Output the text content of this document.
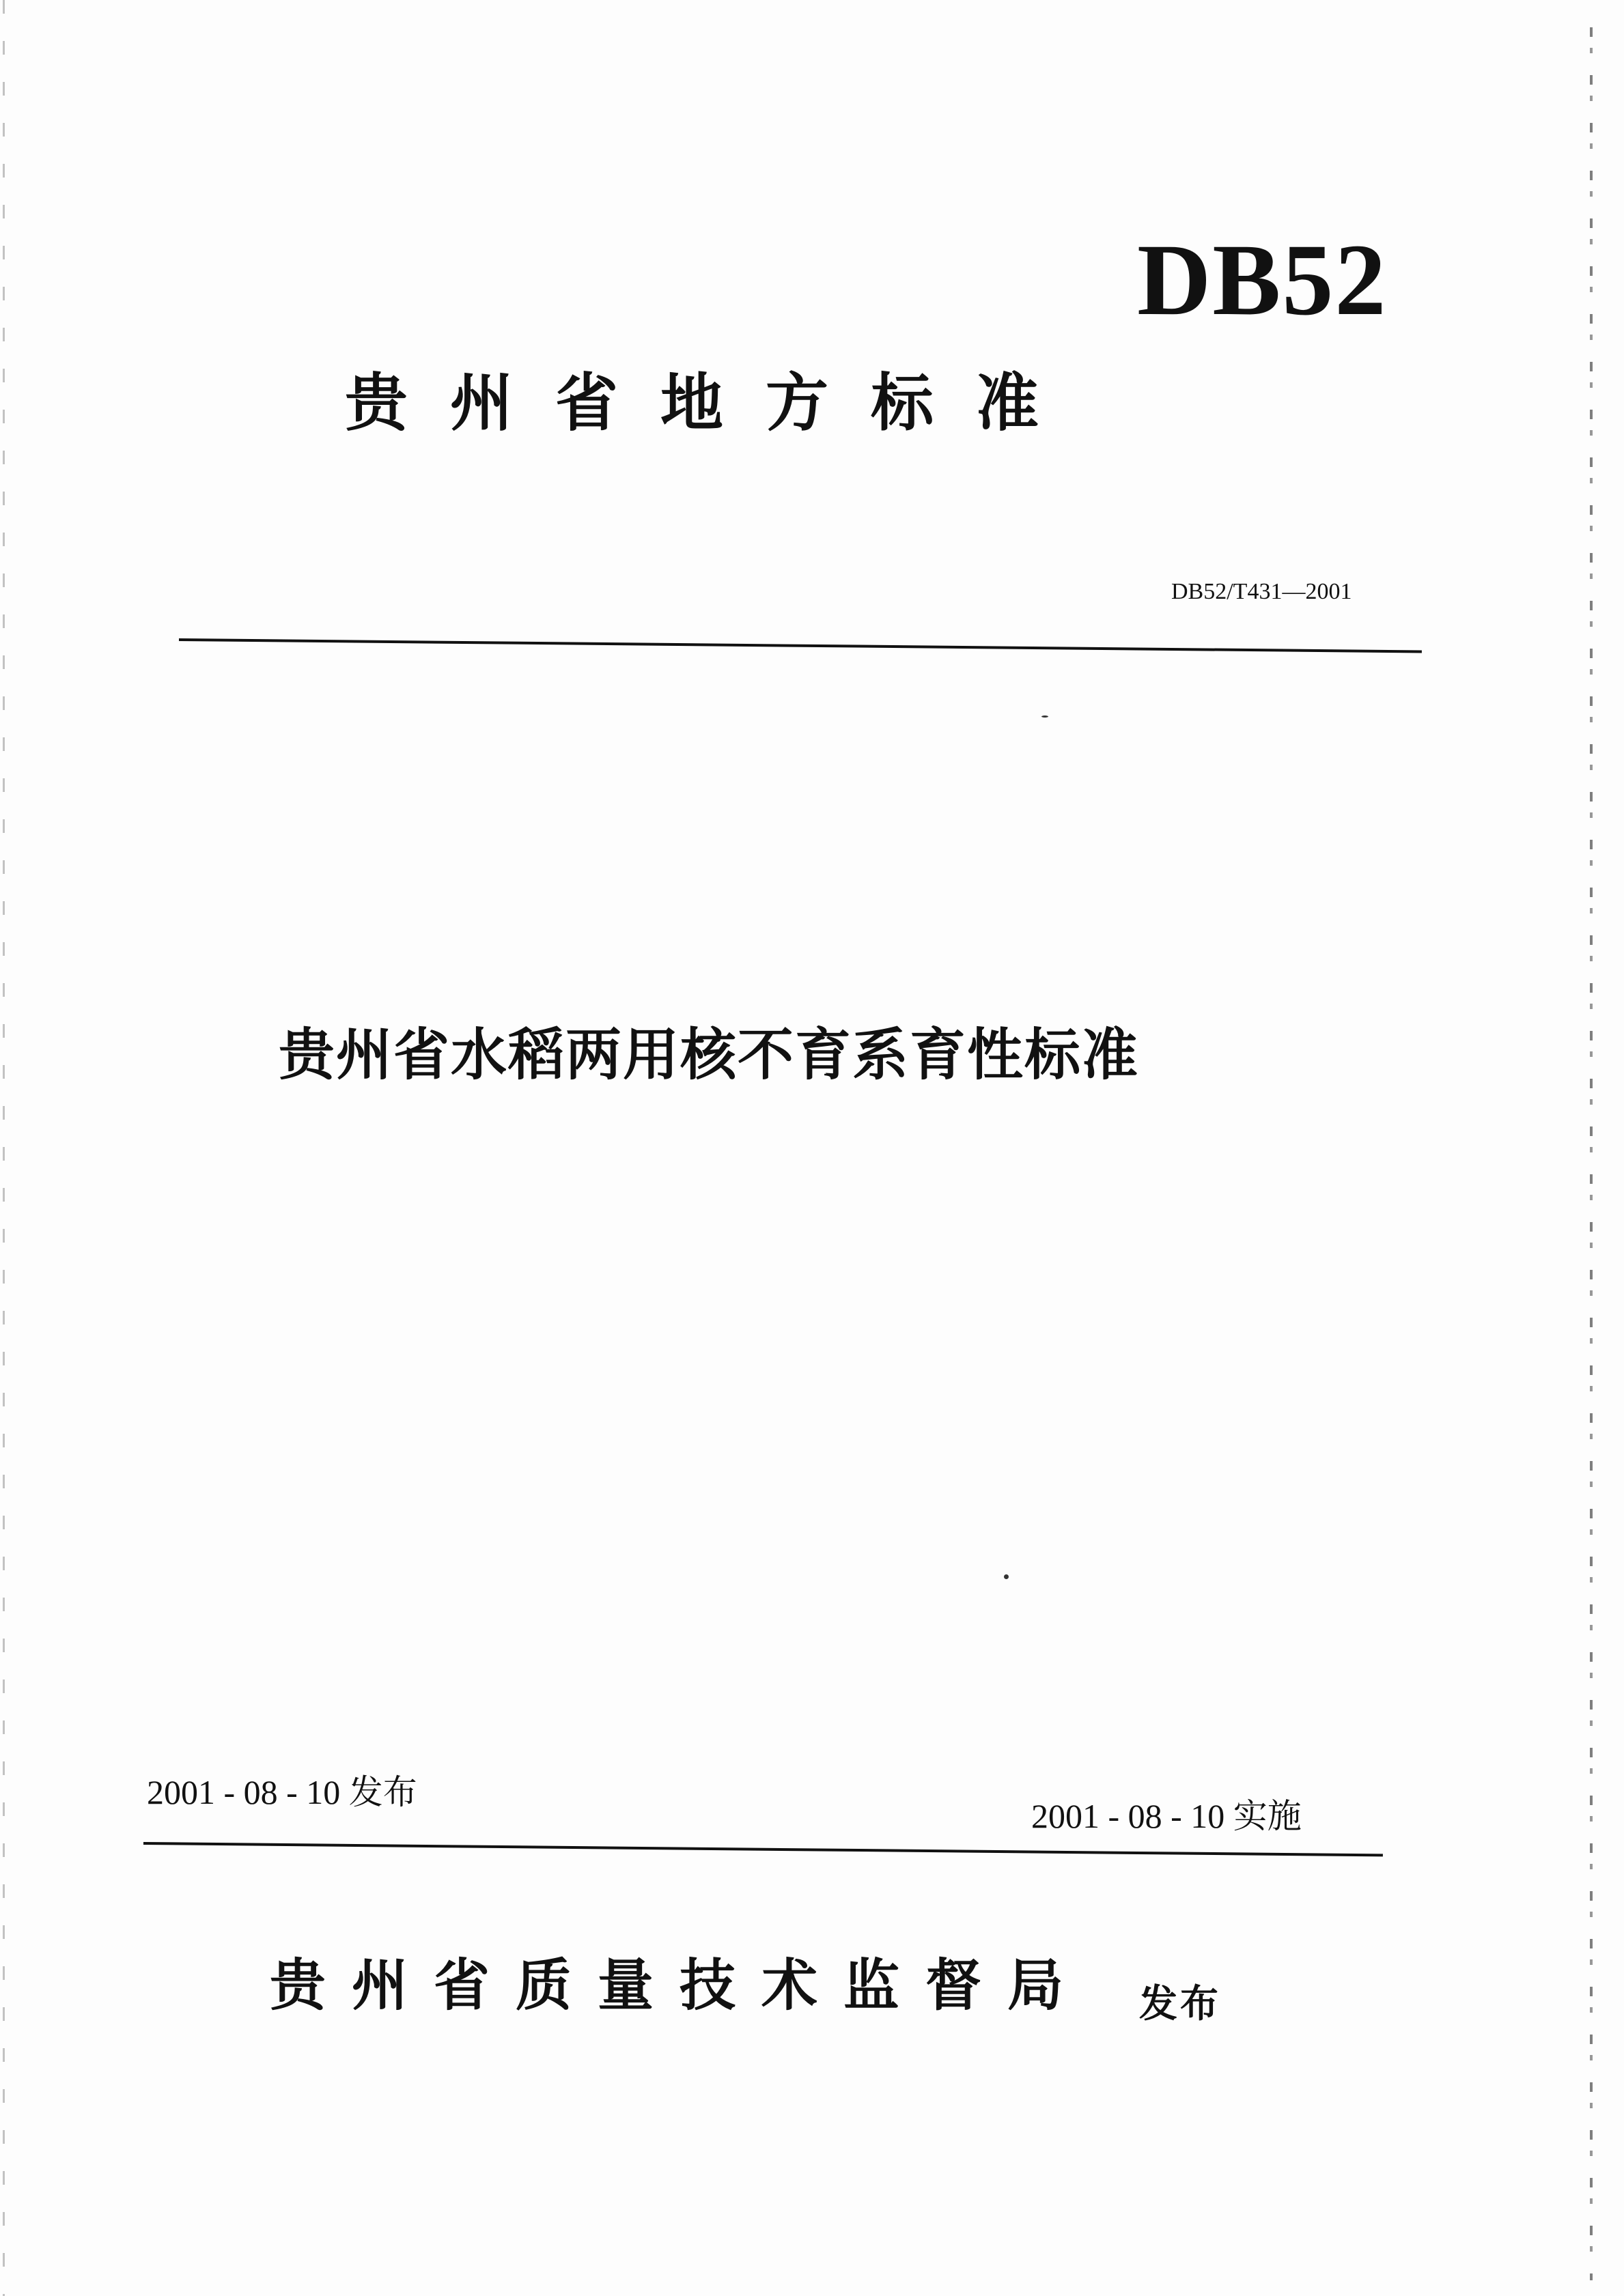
DB52
贵州省地方标准
DB52/T431—2001
贵州省水稻两用核不育系育性标准
2001 - 08 - 10 发布
2001 - 08 - 10 实施
贵州省质量技术监督局 发布
